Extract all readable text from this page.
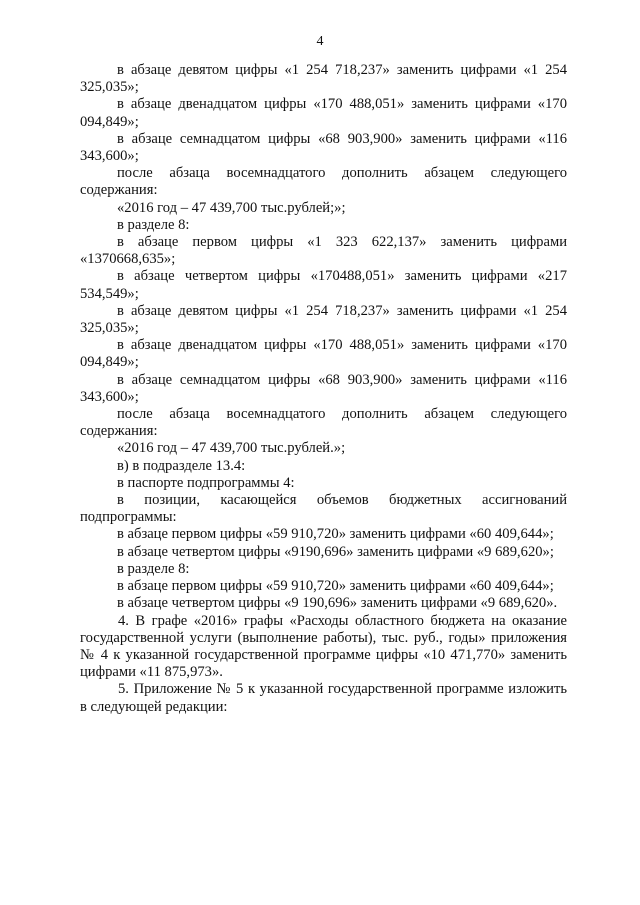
4

в абзаце девятом цифры «1 254 718,237» заменить цифрами «1 254 325,035»;

в абзаце двенадцатом цифры «170 488,051» заменить цифрами «170 094,849»;

в абзаце семнадцатом цифры «68 903,900» заменить цифрами «116 343,600»;

после абзаца восемнадцатого дополнить абзацем следующего содержания:

«2016 год – 47 439,700 тыс.рублей;»;

в разделе 8:

в абзаце первом цифры «1 323 622,137» заменить цифрами «1370668,635»;

в абзаце четвертом цифры «170488,051» заменить цифрами «217 534,549»;

в абзаце девятом цифры «1 254 718,237» заменить цифрами «1 254 325,035»;

в абзаце двенадцатом цифры «170 488,051» заменить цифрами «170 094,849»;

в абзаце семнадцатом цифры «68 903,900» заменить цифрами «116 343,600»;

после абзаца восемнадцатого дополнить абзацем следующего содержания:

«2016 год – 47 439,700 тыс.рублей.»;

в) в подразделе 13.4:

в паспорте подпрограммы 4:

в позиции, касающейся объемов бюджетных ассигнований подпрограммы:

в абзаце первом цифры «59 910,720» заменить цифрами «60 409,644»;

в абзаце четвертом цифры «9190,696» заменить цифрами «9 689,620»;

в разделе 8:

в абзаце первом цифры «59 910,720» заменить цифрами «60 409,644»;

в абзаце четвертом цифры «9 190,696» заменить цифрами «9 689,620».

4. В графе «2016» графы «Расходы областного бюджета на оказание государственной услуги (выполнение работы), тыс. руб., годы» приложения № 4 к указанной государственной программе цифры «10 471,770» заменить цифрами «11 875,973».

5. Приложение № 5 к указанной государственной программе изложить в следующей редакции:
